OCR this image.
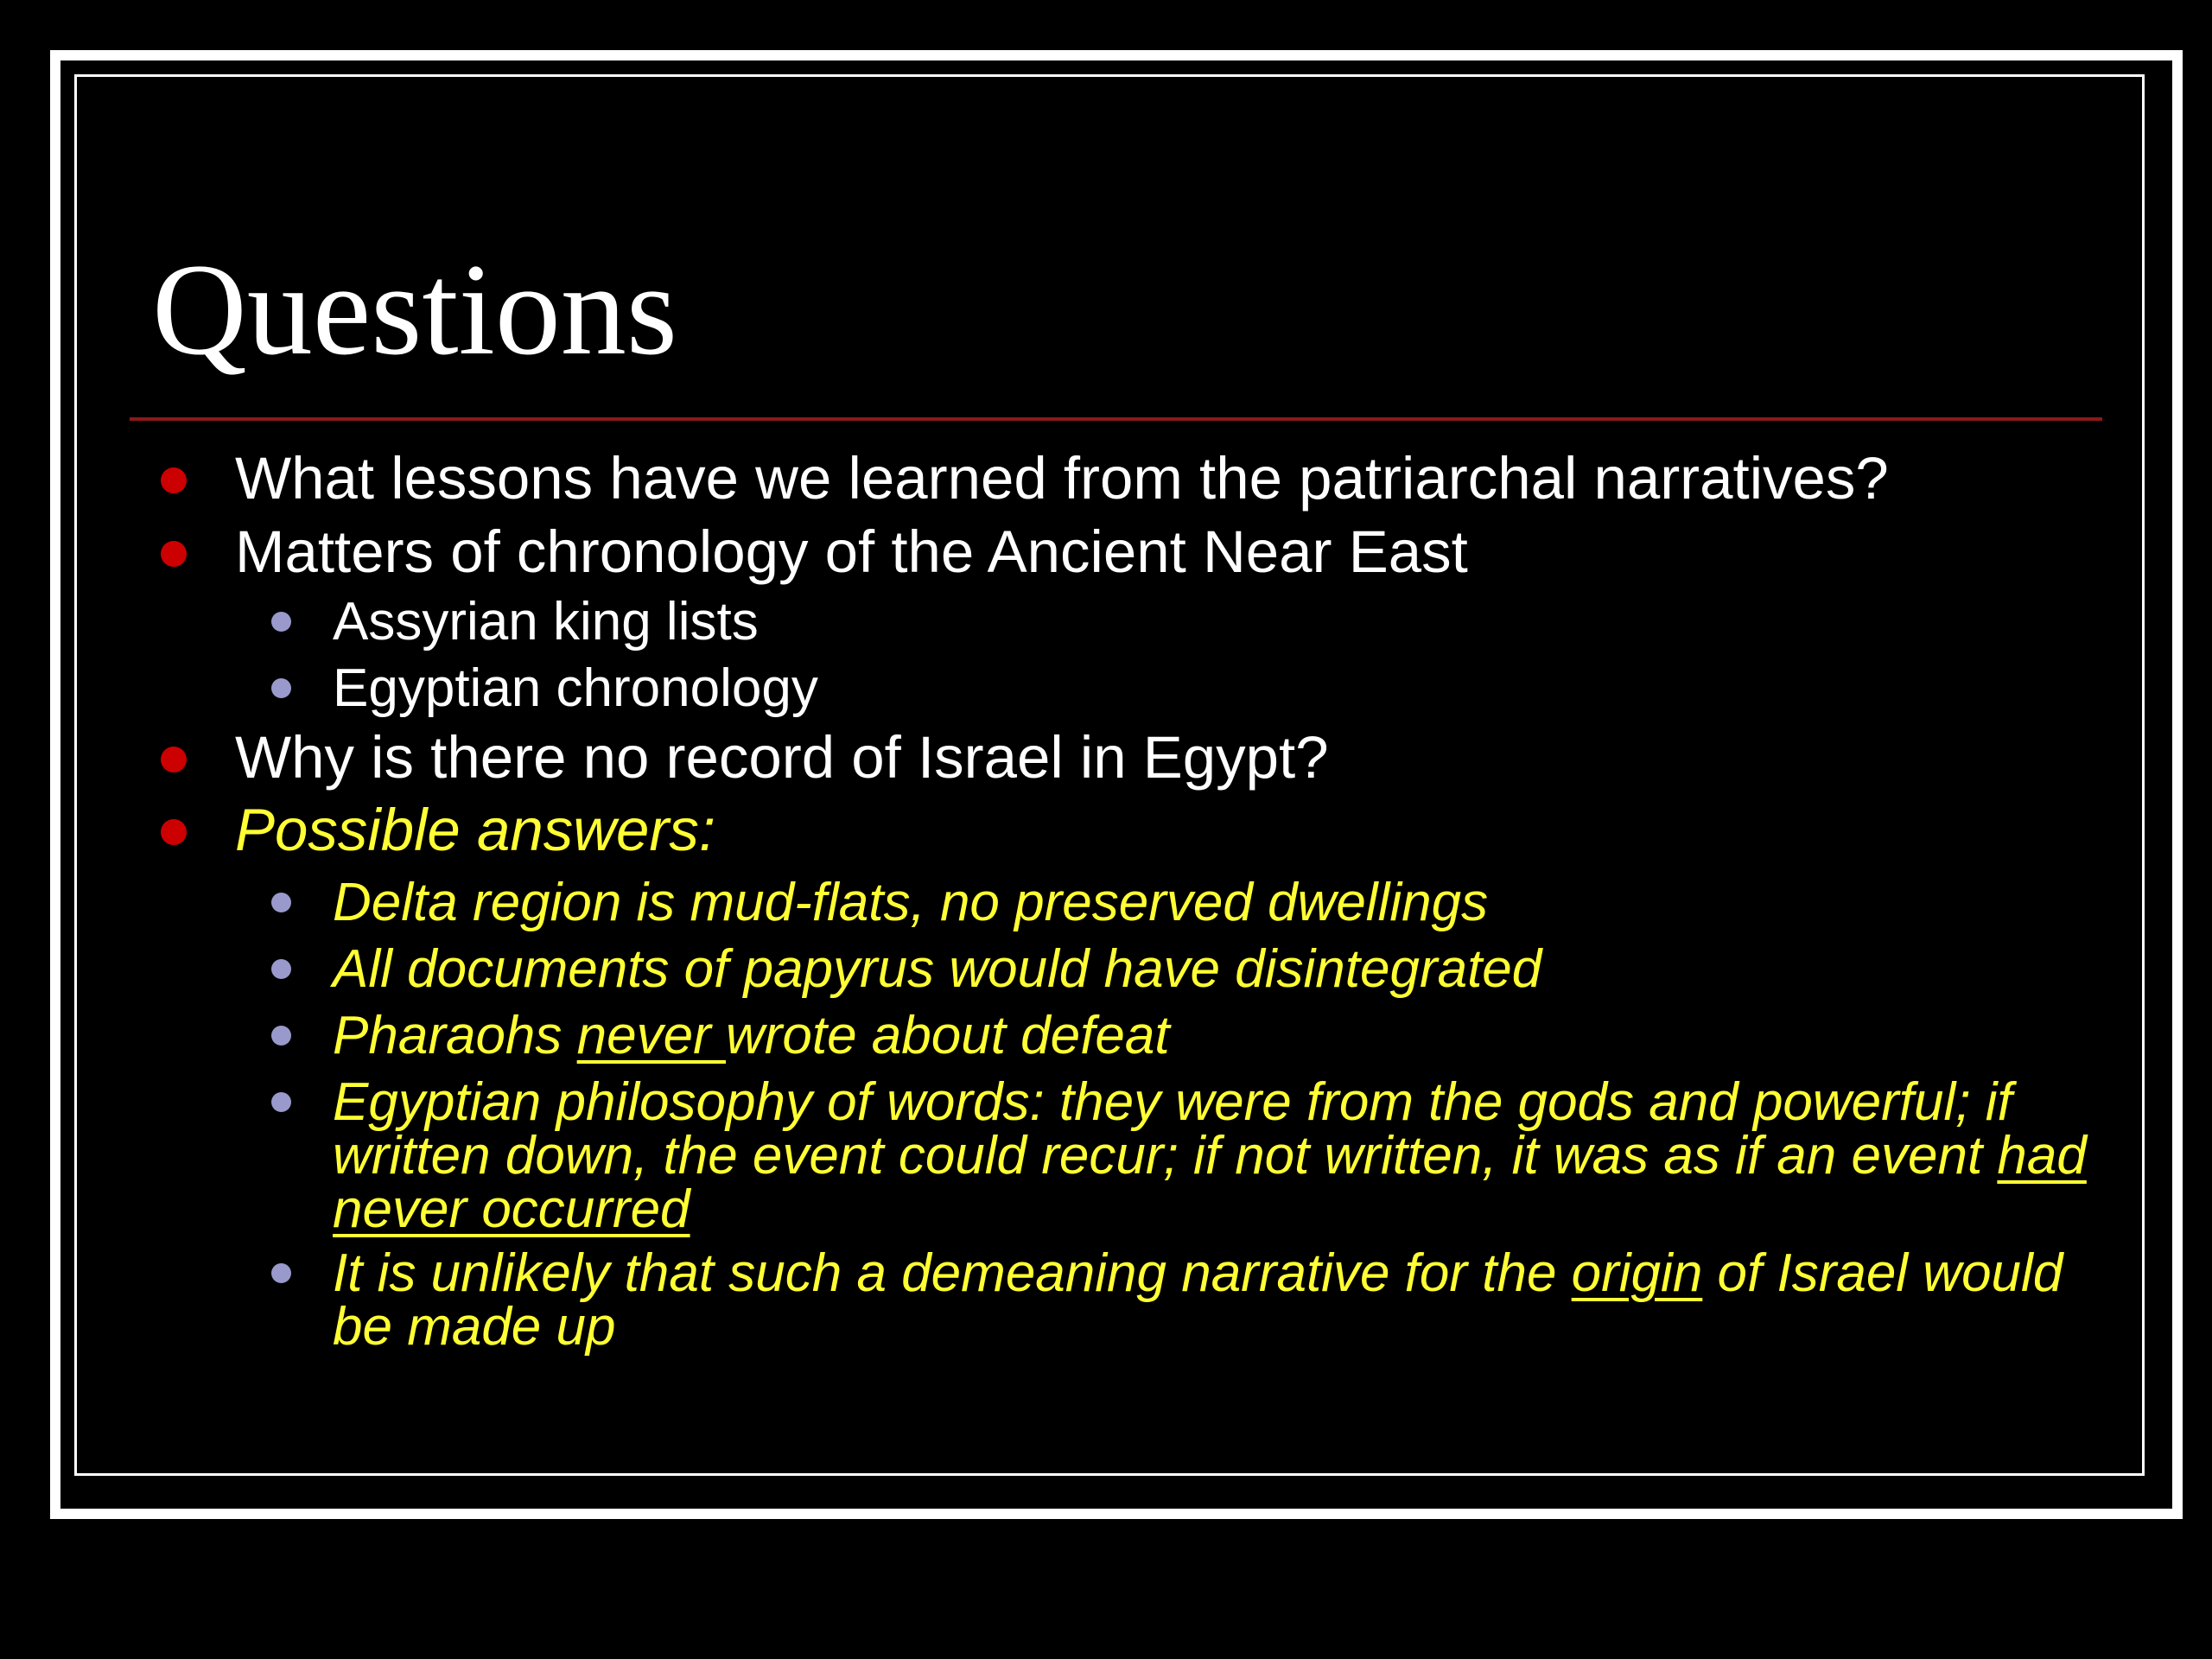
Questions
What lessons have we learned from the patriarchal narratives?
Matters of chronology of the Ancient Near East
Assyrian king lists
Egyptian chronology
Why is there no record of Israel in Egypt?
Possible answers:
Delta region is mud-flats, no preserved dwellings
All documents of papyrus would have disintegrated
Pharaohs never wrote about defeat
Egyptian philosophy of words: they were from the gods and powerful; if written down, the event could recur; if not written, it was as if an event had never occurred
It is unlikely that such a demeaning narrative for the origin of Israel would be made up
